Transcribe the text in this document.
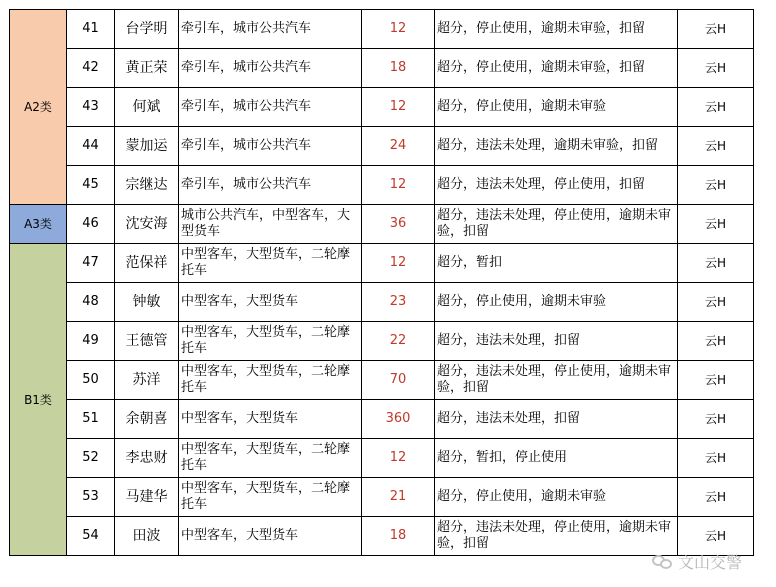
A2类	41	台学明	牵引车，城市公共汽车	12	超分，停止使用，逾期未审验，扣留	云H
	42	黄正荣	牵引车，城市公共汽车	18	超分，停止使用，逾期未审验，扣留	云H
	43	何斌	牵引车，城市公共汽车	12	超分，停止使用，逾期未审验	云H
	44	蒙加运	牵引车，城市公共汽车	24	超分，违法未处理，逾期未审验，扣留	云H
	45	宗继达	牵引车，城市公共汽车	12	超分，违法未处理，停止使用，扣留	云H
A3类	46	沈安海	城市公共汽车，中型客车，大型货车	36	超分，违法未处理，停止使用，逾期未审验，扣留	云H
B1类	47	范保祥	中型客车，大型货车，二轮摩托车	12	超分，暂扣	云H
	48	钟敏	中型客车，大型货车	23	超分，停止使用，逾期未审验	云H
	49	王德管	中型客车，大型货车，二轮摩托车	22	超分，违法未处理，扣留	云H
	50	苏洋	中型客车，大型货车，二轮摩托车	70	超分，违法未处理，停止使用，逾期未审验，扣留	云H
	51	余朝喜	中型客车，大型货车	360	超分，违法未处理，扣留	云H
	52	李忠财	中型客车，大型货车，二轮摩托车	12	超分，暂扣，停止使用	云H
	53	马建华	中型客车，大型货车，二轮摩托车	21	超分，停止使用，逾期未审验	云H
	54	田波	中型客车，大型货车	18	超分，违法未处理，停止使用，逾期未审验，扣留	云H
文山交警
